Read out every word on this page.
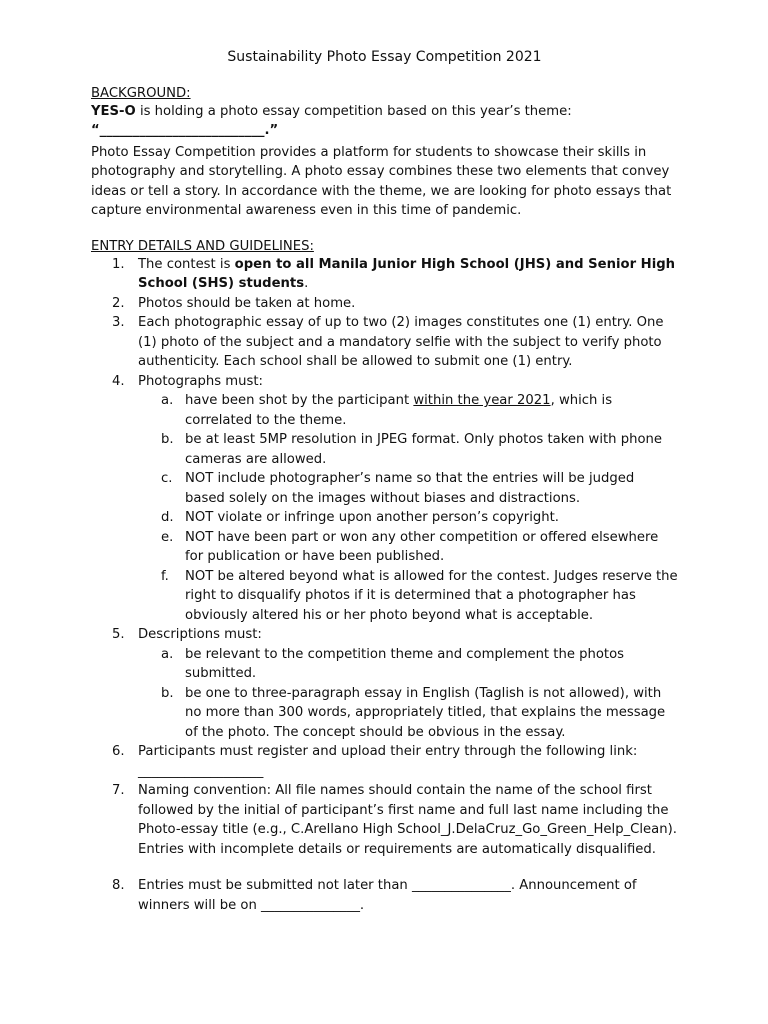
Sustainability Photo Essay Competition 2021
BACKGROUND:

YES-O is holding a photo essay competition based on this year’s theme:

“_________________________.”

Photo Essay Competition provides a platform for students to showcase their skills in photography and storytelling. A photo essay combines these two elements that convey ideas or tell a story. In accordance with the theme, we are looking for photo essays that capture environmental awareness even in this time of pandemic.

ENTRY DETAILS AND GUIDELINES:
1. The contest is open to all Manila Junior High School (JHS) and Senior High School (SHS) students.
2. Photos should be taken at home.
3. Each photographic essay of up to two (2) images constitutes one (1) entry. One (1) photo of the subject and a mandatory selfie with the subject to verify photo authenticity. Each school shall be allowed to submit one (1) entry.
4. Photographs must:
a. have been shot by the participant within the year 2021, which is correlated to the theme.
b. be at least 5MP resolution in JPEG format. Only photos taken with phone cameras are allowed.
c. NOT include photographer’s name so that the entries will be judged based solely on the images without biases and distractions.
d. NOT violate or infringe upon another person’s copyright.
e. NOT have been part or won any other competition or offered elsewhere for publication or have been published.
f. NOT be altered beyond what is allowed for the contest. Judges reserve the right to disqualify photos if it is determined that a photographer has obviously altered his or her photo beyond what is acceptable.
5. Descriptions must:
a. be relevant to the competition theme and complement the photos submitted.
b. be one to three-paragraph essay in English (Taglish is not allowed), with no more than 300 words, appropriately titled, that explains the message of the photo. The concept should be obvious in the essay.
6. Participants must register and upload their entry through the following link:
___________________
7. Naming convention: All file names should contain the name of the school first followed by the initial of participant’s first name and full last name including the Photo-essay title (e.g., C.Arellano High School_J.DelaCruz_Go_Green_Help_Clean). Entries with incomplete details or requirements are automatically disqualified.
8. Entries must be submitted not later than _______________. Announcement of winners will be on _______________.
